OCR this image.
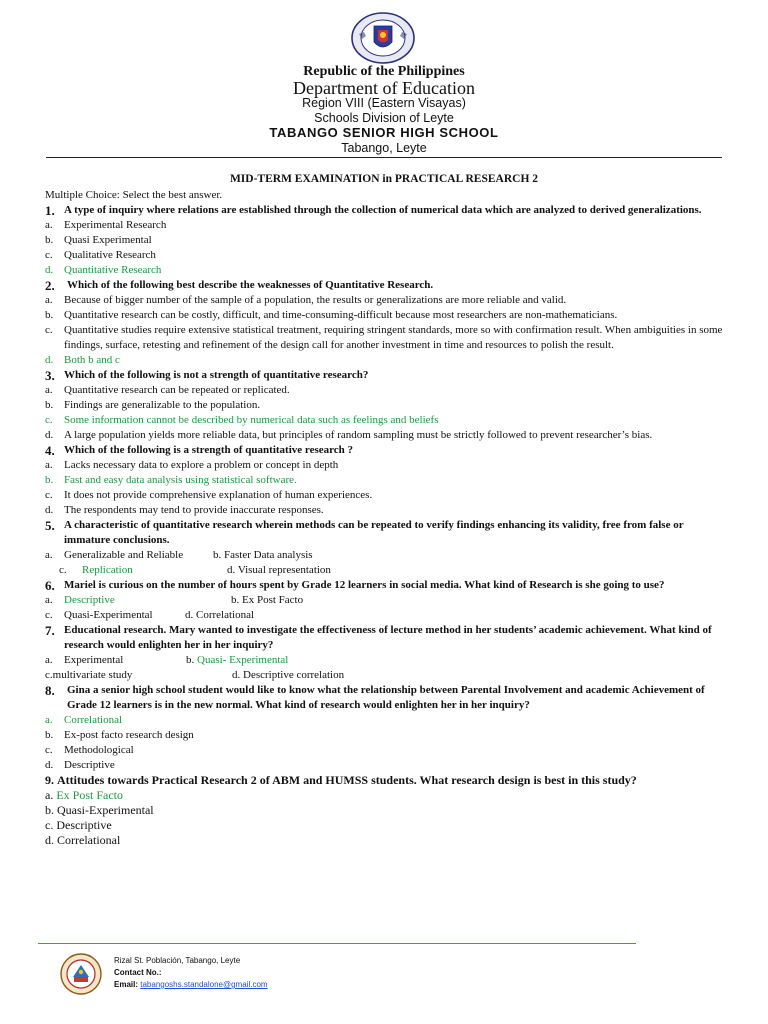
Republic of the Philippines
Department of Education
Region VIII (Eastern Visayas)
Schools Division of Leyte
TABANGO SENIOR HIGH SCHOOL
Tabango, Leyte
MID-TERM EXAMINATION in PRACTICAL RESEARCH 2

Multiple Choice: Select the best answer.

1. A type of inquiry where relations are established through the collection of numerical data which are analyzed to derived generalizations.
a.	Experimental Research
b. Quasi Experimental
c.	Qualitative Research
d. Quantitative Research
2.	Which of the following best describe the weaknesses of Quantitative Research.
a.	Because of bigger number of the sample of a population, the results or generalizations are more reliable and valid.
b. Quantitative research can be costly, difficult, and time-consuming-difficult because most researchers are non-mathematicians.
c.	Quantitative studies require extensive statistical treatment, requiring stringent standards, more so with confirmation result. When ambiguities in some findings, surface, retesting and refinement of the design call for another investment in time and resources to polish the result.
d. Both b and c
3. Which of the following is not a strength of quantitative research?
a.	Quantitative research can be repeated or replicated.
b. Findings are generalizable to the population.
c.	Some information cannot be described by numerical data such as feelings and beliefs
d. A large population yields more reliable data, but principles of random sampling must be strictly followed to prevent researcher’s bias.
4. Which of the following is a strength of quantitative research ?
a.	Lacks necessary data to explore a problem or concept in depth
b. Fast and easy data analysis using statistical software.
c.	It does not provide comprehensive explanation of human experiences.
d. The respondents may tend to provide inaccurate responses.
5. A characteristic of quantitative research wherein methods can be repeated to verify findings enhancing its validity, free from false or immature conclusions.
a.	Generalizable and Reliable	b. Faster Data analysis
c.	Replication	d. Visual representation
6. Mariel is curious on the number of hours spent by Grade 12 learners in social media. What kind of Research is she going to use?
a.	Descriptive	b. Ex Post Facto
c.	Quasi-Experimental	d. Correlational
7. Educational research. Mary wanted to investigate the effectiveness of lecture method in her students’ academic achievement. What kind of research would enlighten her in her inquiry?
a.	Experimental	b. Quasi- Experimental
c.multivariate study	d. Descriptive correlation
8.	Gina a senior high school student would like to know what the relationship between Parental Involvement and academic Achievement of Grade 12 learners is in the new normal. What kind of research would enlighten her in her inquiry?
a.	Correlational
b. Ex-post facto research design
c.	Methodological
d. Descriptive
9.
Attitudes towards Practical Research 2 of ABM and HUMSS students. What research design is best in this study?
a. Ex Post Facto
b. Quasi-Experimental
c. Descriptive
d. Correlational
Rizal St. Población, Tabango, Leyte
Contact No.:
Email: tabangoshs.standalone@gmail.com
